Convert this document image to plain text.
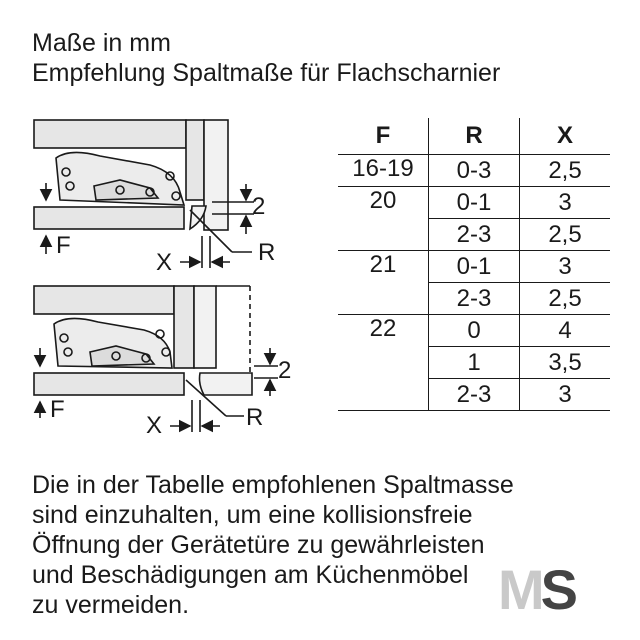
Maße in mm
Empfehlung Spaltmaße für Flachscharnier
2
F
X	R
2
F
X	R
F	R	X
16-19	0-3	2,5
20	0-1	3
	2-3	2,5
21	0-1	3
	2-3	2,5
22	0	4
	1	3,5
	2-3	3
Die in der Tabelle empfohlenen Spaltmasse
sind einzuhalten, um eine kollisionsfreie
Öffnung der Gerätetüre zu gewährleisten
und Beschädigungen am Küchenmöbel
zu vermeiden.	MS
